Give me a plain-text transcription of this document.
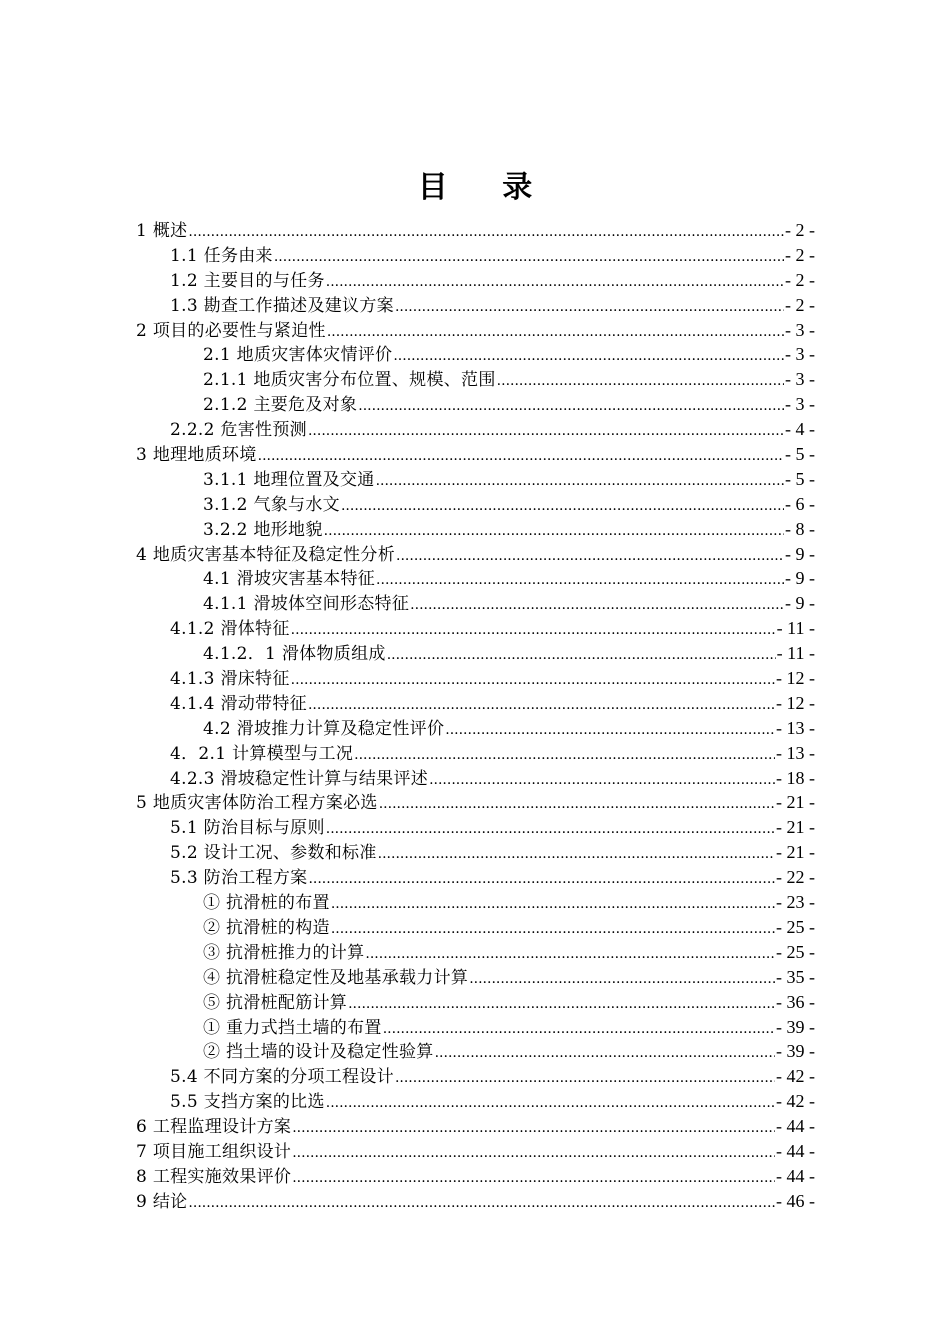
目 录
1 概述 .....	- 2 -
1.1 任务由来 .....	- 2 -
1.2 主要目的与任务 .....	- 2 -
1.3 勘查工作描述及建议方案 .....	- 2 -
2 项目的必要性与紧迫性 .....	- 3 -
2.1 地质灾害体灾情评价 .....	- 3 -
2.1.1 地质灾害分布位置、规模、范围 .....	- 3 -
2.1.2 主要危及对象 .....	- 3 -
2.2.2 危害性预测 .....	- 4 -
3 地理地质环境 .....	- 5 -
3.1.1 地理位置及交通 .....	- 5 -
3.1.2 气象与水文 .....	- 6 -
3.2.2 地形地貌 .....	- 8 -
4 地质灾害基本特征及稳定性分析 .....	- 9 -
4.1 滑坡灾害基本特征 .....	- 9 -
4.1.1 滑坡体空间形态特征 .....	- 9 -
4.1.2 滑体特征 .....	- 11 -
4.1.2．1 滑体物质组成 .....	- 11 -
4.1.3 滑床特征 .....	- 12 -
4.1.4 滑动带特征 .....	- 12 -
4.2 滑坡推力计算及稳定性评价 .....	- 13 -
4．2.1 计算模型与工况 .....	- 13 -
4.2.3 滑坡稳定性计算与结果评述 .....	- 18 -
5 地质灾害体防治工程方案必选 .....	- 21 -
5.1 防治目标与原则 .....	- 21 -
5.2 设计工况、参数和标准 .....	- 21 -
5.3 防治工程方案 .....	- 22 -
① 抗滑桩的布置 .....	- 23 -
② 抗滑桩的构造 .....	- 25 -
③ 抗滑桩推力的计算 .....	- 25 -
④ 抗滑桩稳定性及地基承载力计算 .....	- 35 -
⑤ 抗滑桩配筋计算 .....	- 36 -
① 重力式挡土墙的布置 .....	- 39 -
② 挡土墙的设计及稳定性验算 .....	- 39 -
5.4 不同方案的分项工程设计 .....	- 42 -
5.5 支挡方案的比选 .....	- 42 -
6 工程监理设计方案 .....	- 44 -
7 项目施工组织设计 .....	- 44 -
8 工程实施效果评价 .....	- 44 -
9 结论 .....	- 46 -
